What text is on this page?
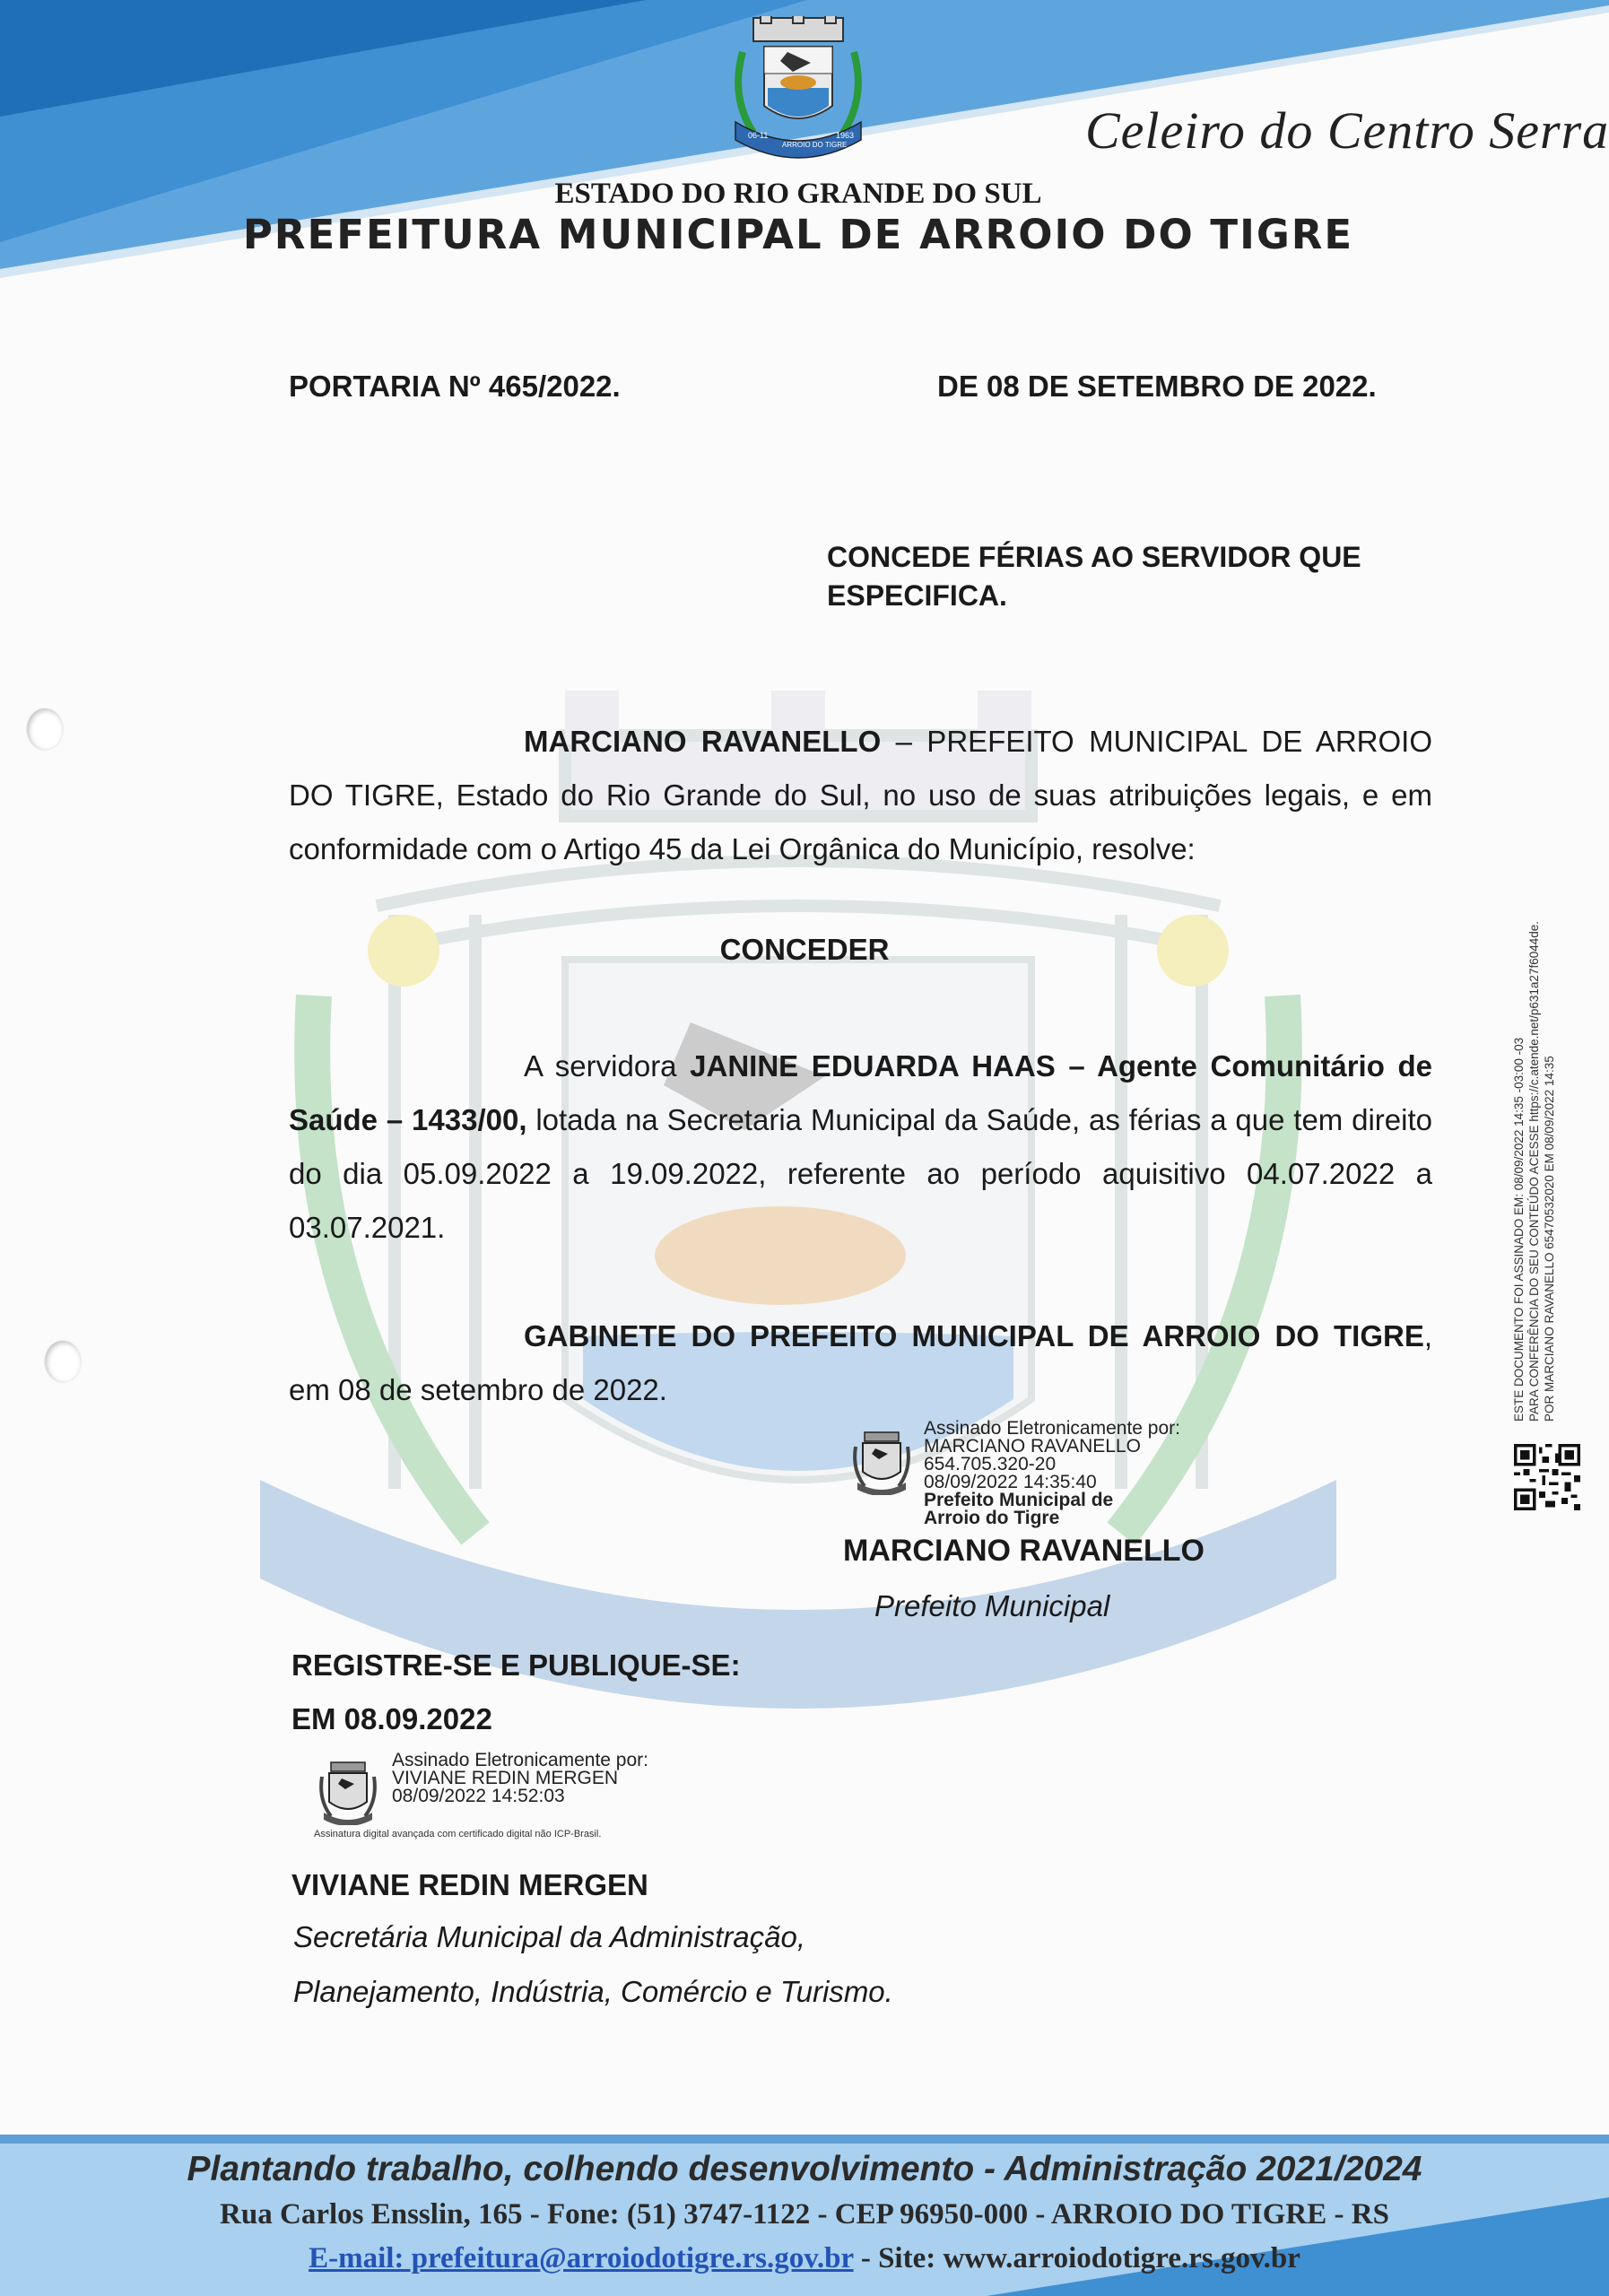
06-11
ARROIO DO TIGRE
1963	Celeiro do Centro Serra
ESTADO DO RIO GRANDE DO SUL
PREFEITURA MUNICIPAL DE ARROIO DO TIGRE
PORTARIA Nº 465/2022.	DE 08 DE SETEMBRO DE 2022.
CONCEDE FÉRIAS AO SERVIDOR QUE ESPECIFICA.
MARCIANO RAVANELLO – PREFEITO MUNICIPAL DE ARROIO DO TIGRE, Estado do Rio Grande do Sul, no uso de suas atribuições legais, e em conformidade com o Artigo 45 da Lei Orgânica do Município, resolve:
CONCEDER
A servidora JANINE EDUARDA HAAS – Agente Comunitário de Saúde – 1433/00, lotada na Secretaria Municipal da Saúde, as férias a que tem direito do dia 05.09.2022 a 19.09.2022, referente ao período aquisitivo 04.07.2022 a 03.07.2021.
GABINETE DO PREFEITO MUNICIPAL DE ARROIO DO TIGRE, em 08 de setembro de 2022.
Assinado Eletronicamente por:
MARCIANO RAVANELLO
654.705.320-20
08/09/2022 14:35:40
Prefeito Municipal de
Arroio do Tigre
MARCIANO RAVANELLO
Prefeito Municipal
REGISTRE-SE E PUBLIQUE-SE:
EM 08.09.2022
Assinado Eletronicamente por:
VIVIANE REDIN MERGEN
08/09/2022 14:52:03
Assinatura digital avançada com certificado digital não ICP-Brasil.
VIVIANE REDIN MERGEN
Secretária Municipal da Administração,
Planejamento, Indústria, Comércio e Turismo.
ESTE DOCUMENTO FOI ASSINADO EM: 08/09/2022 14:35 -03:00 -03 PARA CONFERÊNCIA DO SEU CONTEÚDO ACESSE https://c.atende.net/p631a27f6044de. POR MARCIANO RAVANELLO 65470532020 EM 08/09/2022 14:35
Plantando trabalho, colhendo desenvolvimento - Administração 2021/2024
Rua Carlos Ensslin, 165 - Fone: (51) 3747-1122 - CEP 96950-000 - ARROIO DO TIGRE - RS
E-mail: prefeitura@arroiodotigre.rs.gov.br - Site: www.arroiodotigre.rs.gov.br
